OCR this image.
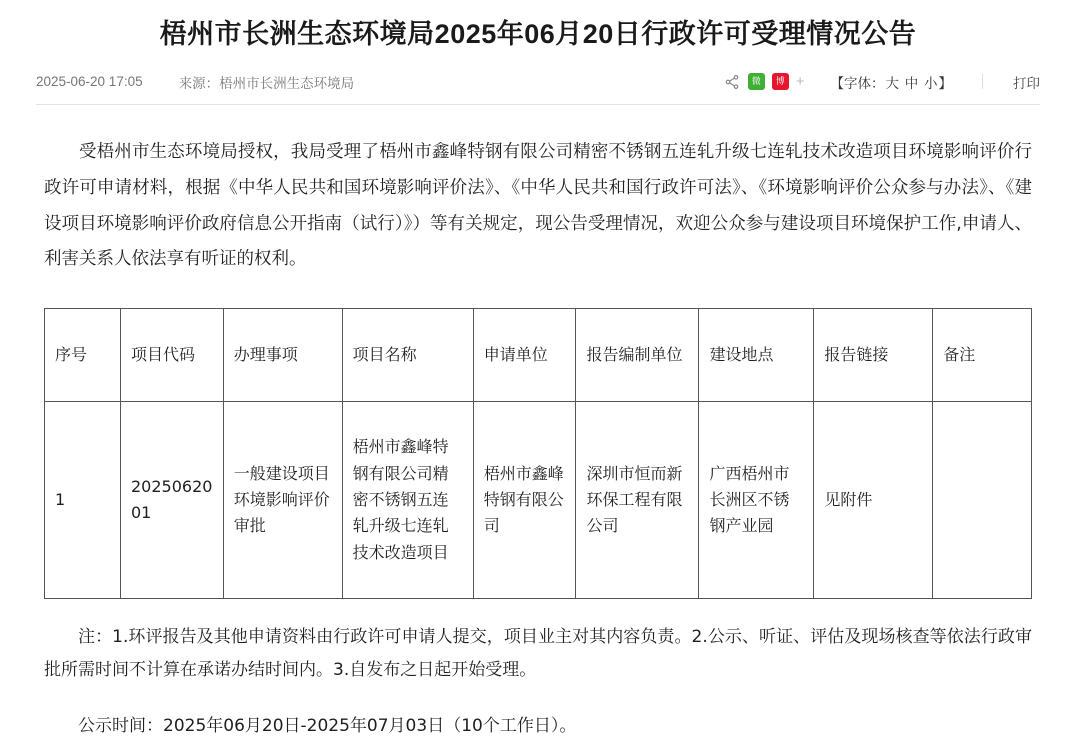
梧州市长洲生态环境局2025年06月20日行政许可受理情况公告
2025-06-20 17:05	来源：梧州市长洲生态环境局	微 博 + 【字体：大 中 小】	打印
受梧州市生态环境局授权，我局受理了梧州市鑫峰特钢有限公司精密不锈钢五连轧升级七连轧技术改造项目环境影响评价行政许可申请材料，根据《中华人民共和国环境影响评价法》、《中华人民共和国行政许可法》、《环境影响评价公众参与办法》、《建设项目环境影响评价政府信息公开指南（试行）》）等有关规定，现公告受理情况，欢迎公众参与建设项目环境保护工作,申请人、利害关系人依法享有听证的权利。
序号	项目代码	办理事项	项目名称	申请单位	报告编制单位	建设地点	报告链接	备注
1	2025062001	一般建设项目环境影响评价审批	梧州市鑫峰特钢有限公司精密不锈钢五连轧升级七连轧技术改造项目	梧州市鑫峰特钢有限公司	深圳市恒而新环保工程有限公司	广西梧州市长洲区不锈钢产业园	见附件	
注：1.环评报告及其他申请资料由行政许可申请人提交，项目业主对其内容负责。2.公示、听证、评估及现场核查等依法行政审批所需时间不计算在承诺办结时间内。3.自发布之日起开始受理。
公示时间：2025年06月20日-2025年07月03日（10个工作日）。
